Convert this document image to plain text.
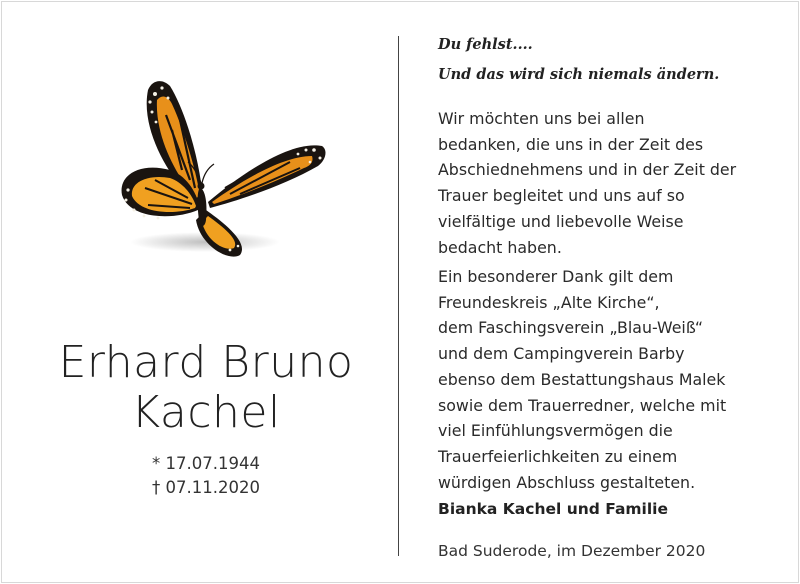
Erhard Bruno
Kachel
* 17.07.1944
† 07.11.2020
Du fehlst....
Und das wird sich niemals ändern.
Wir möchten uns bei allen
bedanken, die uns in der Zeit des
Abschiednehmens und in der Zeit der
Trauer begleitet und uns auf so
vielfältige und liebevolle Weise
bedacht haben.
Ein besonderer Dank gilt dem
Freundeskreis „Alte Kirche“,
dem Faschingsverein „Blau-Weiß“
und dem Campingverein Barby
ebenso dem Bestattungshaus Malek
sowie dem Trauerredner, welche mit
viel Einfühlungsvermögen die
Trauerfeierlichkeiten zu einem
würdigen Abschluss gestalteten.
Bianka Kachel und Familie
Bad Suderode, im Dezember 2020
